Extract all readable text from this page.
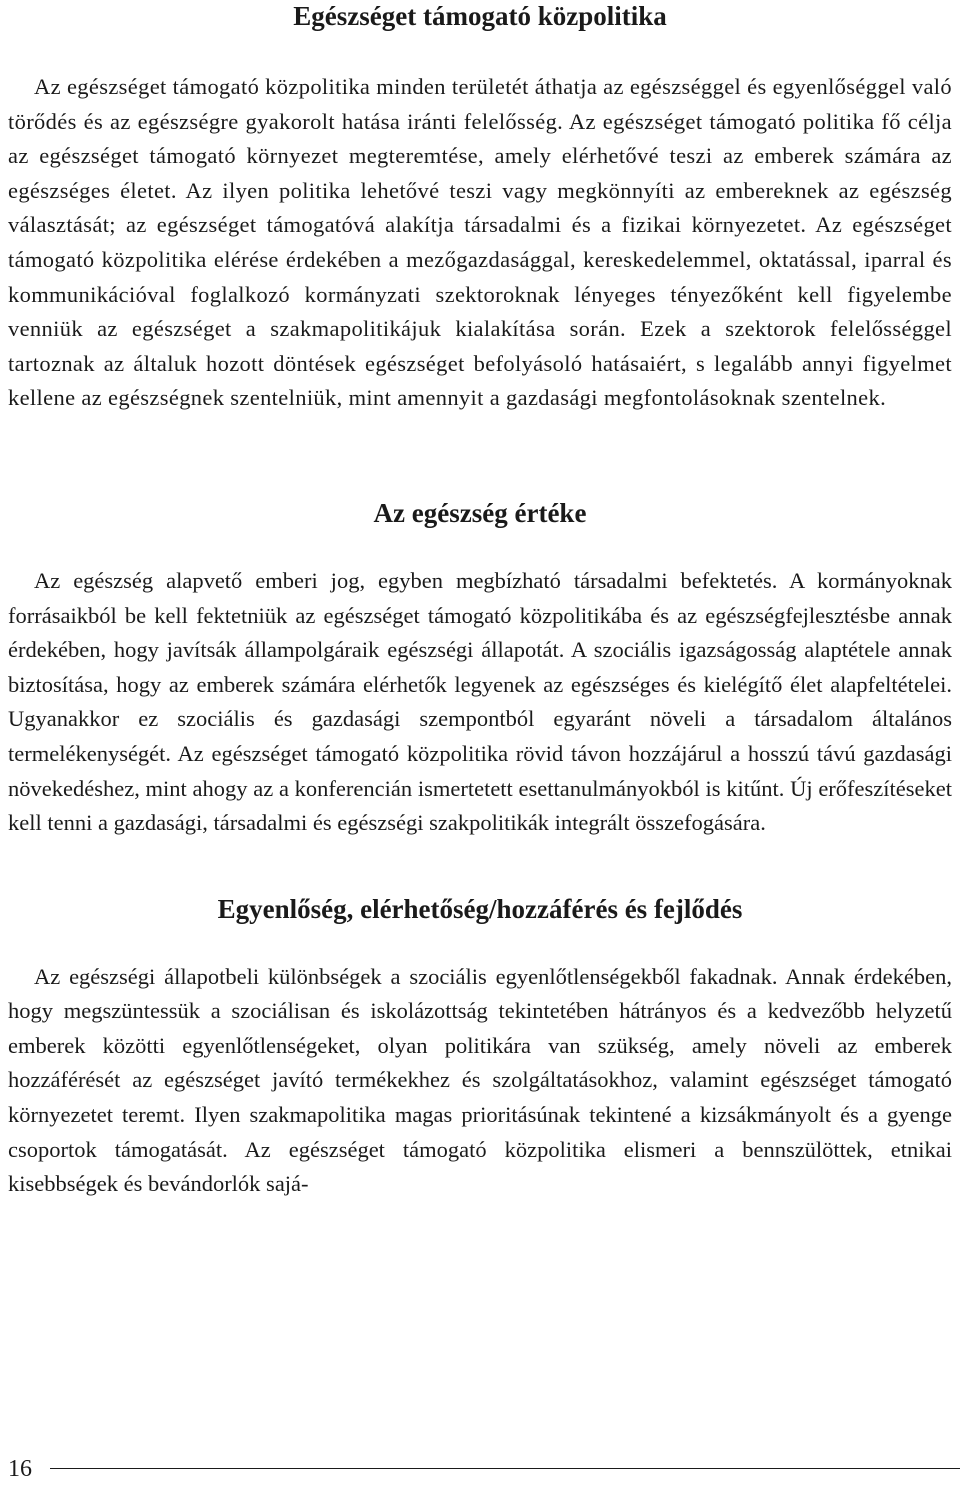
Egészséget támogató közpolitika

Az egészséget támogató közpolitika minden területét áthatja az egészséggel és egyenlőséggel való törődés és az egészségre gyakorolt hatása iránti felelősség. Az egészséget támogató politika fő célja az egészséget támogató környezet megteremtése, amely elérhetővé teszi az emberek számára az egészséges életet. Az ilyen politika lehetővé teszi vagy megkönnyíti az embereknek az egészség választását; az egészséget támogatóvá alakítja társadalmi és a fizikai környezetet. Az egészséget támogató közpolitika elérése érdekében a mezőgazdasággal, kereskedelemmel, oktatással, iparral és kommunikációval foglalkozó kormányzati szektoroknak lényeges tényezőként kell figyelembe venniük az egészséget a szakmapolitikájuk kialakítása során. Ezek a szektorok felelősséggel tartoznak az általuk hozott döntések egészséget befolyásoló hatásaiért, s legalább annyi figyelmet kellene az egészségnek szentelniük, mint amennyit a gazdasági megfontolásoknak szentelnek.

Az egészség értéke

Az egészség alapvető emberi jog, egyben megbízható társadalmi befektetés. A kormányoknak forrásaikból be kell fektetniük az egészséget támogató közpolitikába és az egészségfejlesztésbe annak érdekében, hogy javítsák állampolgáraik egészségi állapotát. A szociális igazságosság alaptétele annak biztosítása, hogy az emberek számára elérhetők legyenek az egészséges és kielégítő élet alapfeltételei. Ugyanakkor ez szociális és gazdasági szempontból egyaránt növeli a társadalom általános termelékenységét. Az egészséget támogató közpolitika rövid távon hozzájárul a hosszú távú gazdasági növekedéshez, mint ahogy az a konferencián ismertetett esettanulmányokból is kitűnt. Új erőfeszítéseket kell tenni a gazdasági, társadalmi és egészségi szakpolitikák integrált összefogására.

Egyenlőség, elérhetőség/hozzáférés és fejlődés

Az egészségi állapotbeli különbségek a szociális egyenlőtlenségekből fakadnak. Annak érdekében, hogy megszüntessük a szociálisan és iskolázottság tekintetében hátrányos és a kedvezőbb helyzetű emberek közötti egyenlőtlenségeket, olyan politikára van szükség, amely növeli az emberek hozzáférését az egészséget javító termékekhez és szolgáltatásokhoz, valamint egészséget támogató környezetet teremt. Ilyen szakmapolitika magas prioritásúnak tekintené a kizsákmányolt és a gyenge csoportok támogatását. Az egészséget támogató közpolitika elismeri a bennszülöttek, etnikai kisebbségek és bevándorlók sajá-

16
